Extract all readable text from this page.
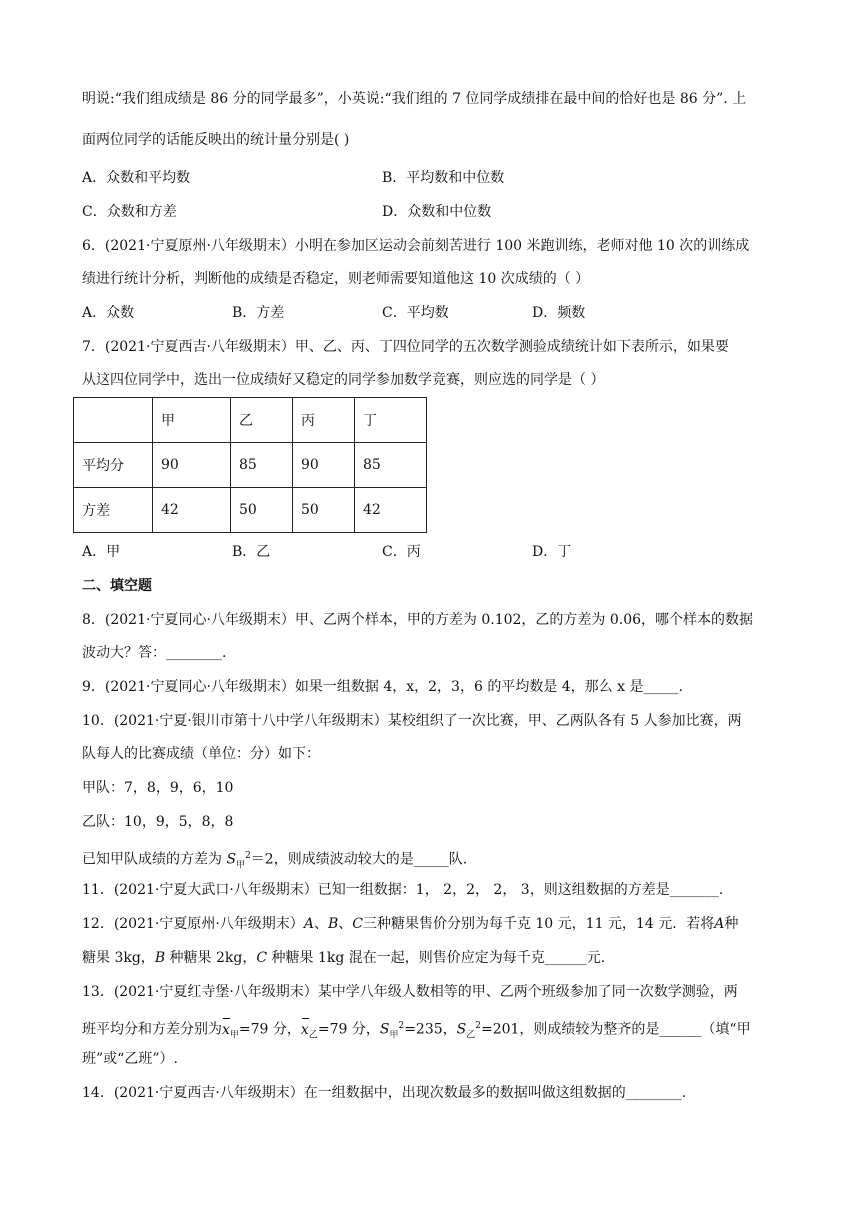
明说:“我们组成绩是 86 分的同学最多”，小英说:“我们组的 7 位同学成绩排在最中间的恰好也是 86 分”. 上
面两位同学的话能反映出的统计量分别是( )
A．众数和平均数	B．平均数和中位数
C．众数和方差	D．众数和中位数
6．(2021·宁夏原州·八年级期末）小明在参加区运动会前刻苦进行 100 米跑训练，老师对他 10 次的训练成
绩进行统计分析，判断他的成绩是否稳定，则老师需要知道他这 10 次成绩的（ ）
A．众数	B．方差	C．平均数	D．频数
7．(2021·宁夏西吉·八年级期末）甲、乙、丙、丁四位同学的五次数学测验成绩统计如下表所示，如果要
从这四位同学中，选出一位成绩好又稳定的同学参加数学竞赛，则应选的同学是（ ）
	甲	乙	丙	丁
平均分	90	85	90	85
方差	42	50	50	42
A．甲	B．乙	C．丙	D．丁
二、填空题
8．(2021·宁夏同心·八年级期末）甲、乙两个样本，甲的方差为 0.102，乙的方差为 0.06，哪个样本的数据
波动大？答：________.
9．(2021·宁夏同心·八年级期末）如果一组数据 4，x，2，3，6 的平均数是 4，那么 x 是_____.
10．(2021·宁夏·银川市第十八中学八年级期末）某校组织了一次比赛，甲、乙两队各有 5 人参加比赛，两
队每人的比赛成绩（单位：分）如下：
甲队：7，8，9，6，10
乙队：10，9，5，8，8
已知甲队成绩的方差为 $S_甲^2=2$，则成绩波动较大的是_____队.
11．(2021·宁夏大武口·八年级期末）已知一组数据：1， 2，2， 2， 3，则这组数据的方差是_______.
12．(2021·宁夏原州·八年级期末）A、B、C三种糖果售价分别为每千克 10 元，11 元，14 元．若将A种
糖果 3kg，B 种糖果 2kg，C 种糖果 1kg 混在一起，则售价应定为每千克______元.
13．(2021·宁夏红寺堡·八年级期末）某中学八年级人数相等的甲、乙两个班级参加了同一次数学测验，两
班平均分和方差分别为$x_甲=79$ 分，$x_乙=79$ 分，$S_甲^2=235$，$S_乙^2=201$，则成绩较为整齐的是______（填“甲
班”或“乙班”）.
14．(2021·宁夏西吉·八年级期末）在一组数据中，出现次数最多的数据叫做这组数据的________.
